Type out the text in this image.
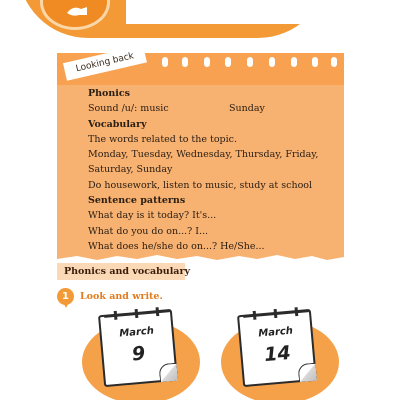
Looking back
Phonics
Sound /u/: music	Sunday
Vocabulary
The words related to the topic.
Monday, Tuesday, Wednesday, Thursday, Friday,
Saturday, Sunday
Do housework, listen to music, study at school
Sentence patterns
What day is it today? It's...
What do you do on...? I...
What does he/she do on...? He/She...
Phonics and vocabulary
1	Look and write.
March
9
March
14
